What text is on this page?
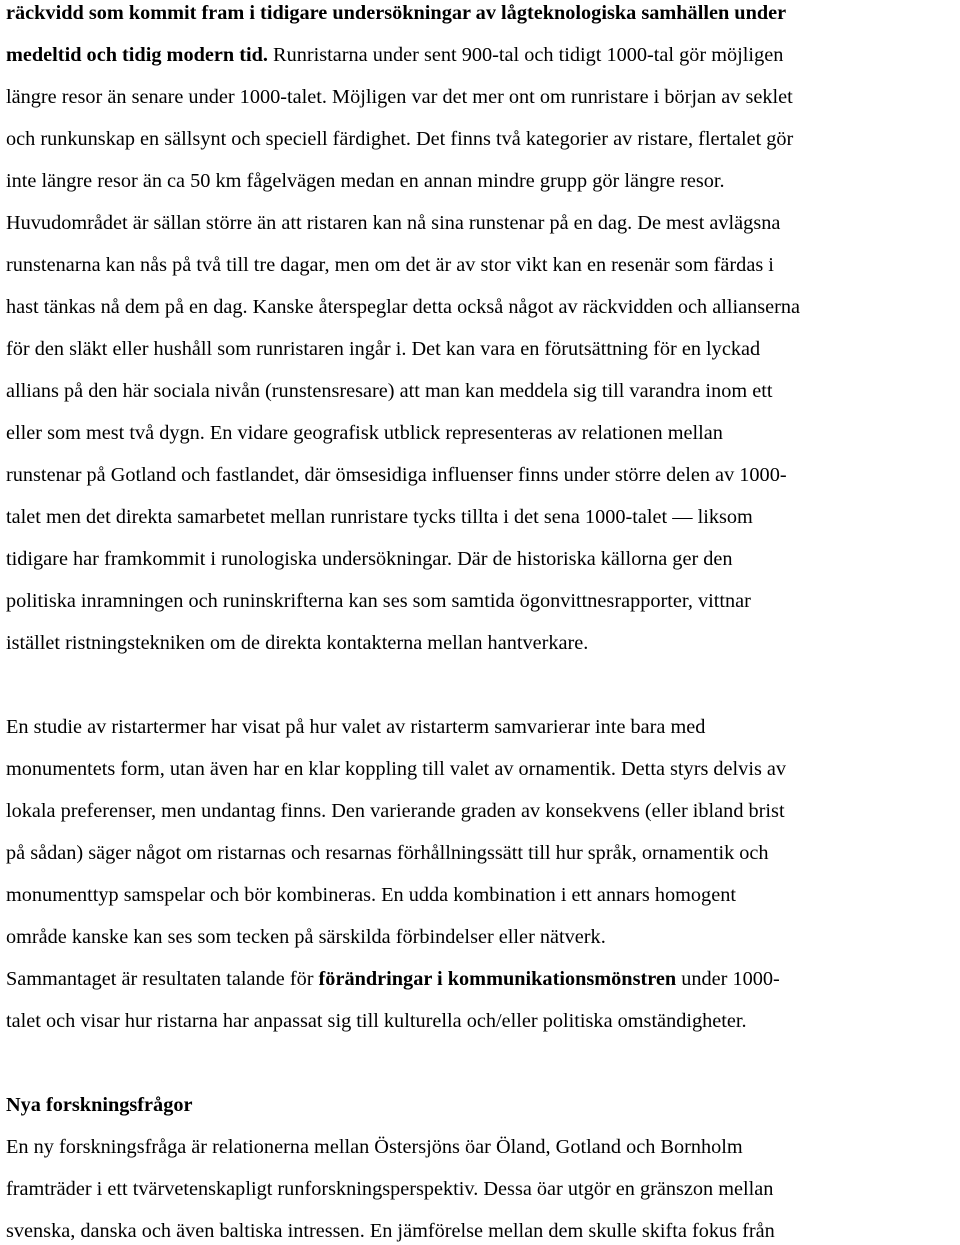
räckvidd som kommit fram i tidigare undersökningar av lågteknologiska samhällen under
medeltid och tidig modern tid. Runristarna under sent 900-tal och tidigt 1000-tal gör möjligen
längre resor än senare under 1000-talet. Möjligen var det mer ont om runristare i början av seklet
och runkunskap en sällsynt och speciell färdighet. Det finns två kategorier av ristare, flertalet gör
inte längre resor än ca 50 km fågelvägen medan en annan mindre grupp gör längre resor.
Huvudområdet är sällan större än att ristaren kan nå sina runstenar på en dag. De mest avlägsna
runstenarna kan nås på två till tre dagar, men om det är av stor vikt kan en resenär som färdas i
hast tänkas nå dem på en dag. Kanske återspeglar detta också något av räckvidden och allianserna
för den släkt eller hushåll som runristaren ingår i. Det kan vara en förutsättning för en lyckad
allians på den här sociala nivån (runstensresare) att man kan meddela sig till varandra inom ett
eller som mest två dygn. En vidare geografisk utblick representeras av relationen mellan
runstenar på Gotland och fastlandet, där ömsesidiga influenser finns under större delen av 1000-
talet men det direkta samarbetet mellan runristare tycks tillta i det sena 1000-talet — liksom
tidigare har framkommit i runologiska undersökningar. Där de historiska källorna ger den
politiska inramningen och runinskrifterna kan ses som samtida ögonvittnesrapporter, vittnar
istället ristningstekniken om de direkta kontakterna mellan hantverkare.
En studie av ristartermer har visat på hur valet av ristarterm samvarierar inte bara med
monumentets form, utan även har en klar koppling till valet av ornamentik. Detta styrs delvis av
lokala preferenser, men undantag finns. Den varierande graden av konsekvens (eller ibland brist
på sådan) säger något om ristarnas och resarnas förhållningssätt till hur språk, ornamentik och
monumenttyp samspelar och bör kombineras. En udda kombination i ett annars homogent
område kanske kan ses som tecken på särskilda förbindelser eller nätverk.
Sammantaget är resultaten talande för förändringar i kommunikationsmönstren under 1000-
talet och visar hur ristarna har anpassat sig till kulturella och/eller politiska omständigheter.
Nya forskningsfrågor
En ny forskningsfråga är relationerna mellan Östersjöns öar Öland, Gotland och Bornholm
framträder i ett tvärvetenskapligt runforskningsperspektiv. Dessa öar utgör en gränszon mellan
svenska, danska och även baltiska intressen. En jämförelse mellan dem skulle skifta fokus från
